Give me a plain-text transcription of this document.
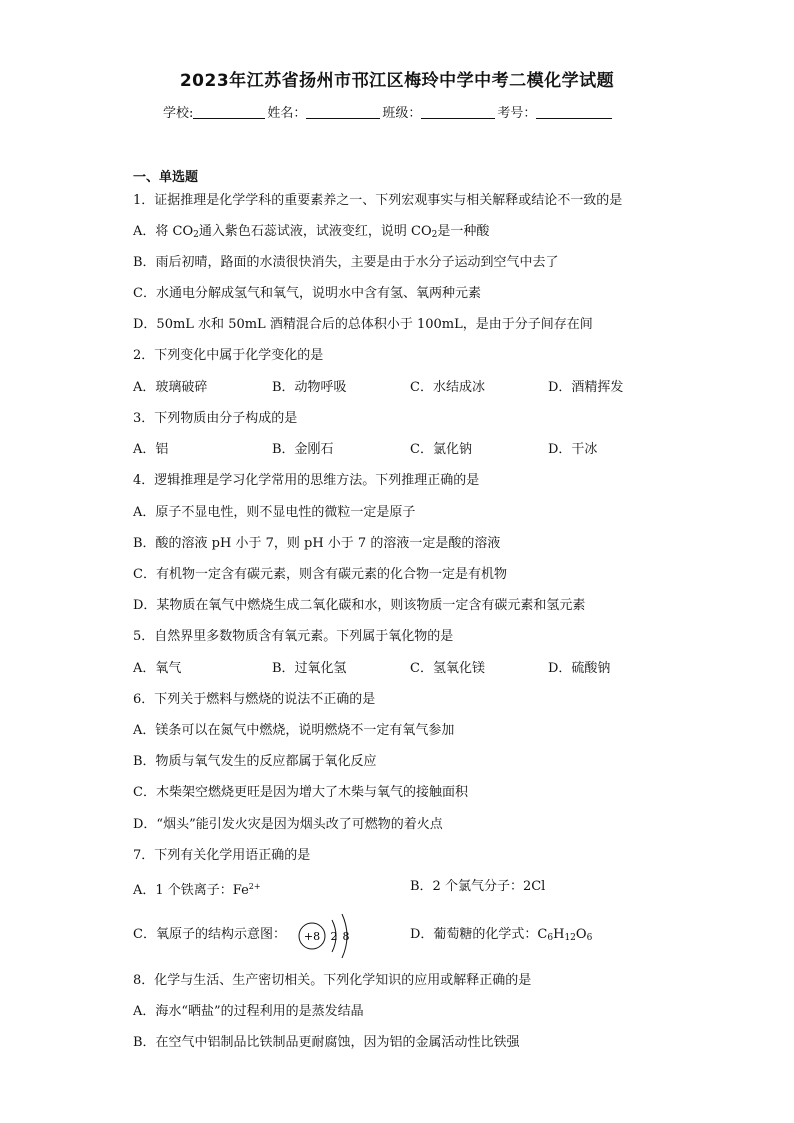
2023年江苏省扬州市邗江区梅玲中学中考二模化学试题
学校:	姓名：	班级：	考号：
一、单选题
1．证据推理是化学学科的重要素养之一、下列宏观事实与相关解释或结论不一致的是
A．将 $CO_2$通入紫色石蕊试液，试液变红，说明 $CO_2$是一种酸
B．雨后初晴，路面的水渍很快消失，主要是由于水分子运动到空气中去了
C．水通电分解成氢气和氧气，说明水中含有氢、氧两种元素
D．50mL 水和 50mL 酒精混合后的总体积小于 100mL，是由于分子间存在间
2．下列变化中属于化学变化的是
A．玻璃破碎	B．动物呼吸	C．水结成冰	D．酒精挥发
3．下列物质由分子构成的是
A．铝	B．金刚石	C．氯化钠	D．干冰
4．逻辑推理是学习化学常用的思维方法。下列推理正确的是
A．原子不显电性，则不显电性的微粒一定是原子
B．酸的溶液 pH 小于 7，则 pH 小于 7 的溶液一定是酸的溶液
C．有机物一定含有碳元素，则含有碳元素的化合物一定是有机物
D．某物质在氧气中燃烧生成二氧化碳和水，则该物质一定含有碳元素和氢元素
5．自然界里多数物质含有氧元素。下列属于氧化物的是
A．氧气	B．过氧化氢	C．氢氧化镁	D．硫酸钠
6．下列关于燃料与燃烧的说法不正确的是
A．镁条可以在氮气中燃烧，说明燃烧不一定有氧气参加
B．物质与氧气发生的反应都属于氧化反应
C．木柴架空燃烧更旺是因为增大了木柴与氧气的接触面积
D．“烟头”能引发火灾是因为烟头改了可燃物的着火点
7．下列有关化学用语正确的是
A．1 个铁离子：$Fe^{2+}$	B．2 个氯气分子：2Cl
C．氧原子的结构示意图： +8 2 8	D．葡萄糖的化学式：$C_6H_{12}O_6$
8．化学与生活、生产密切相关。下列化学知识的应用或解释正确的是
A．海水“晒盐”的过程利用的是蒸发结晶
B．在空气中铝制品比铁制品更耐腐蚀，因为铝的金属活动性比铁强
